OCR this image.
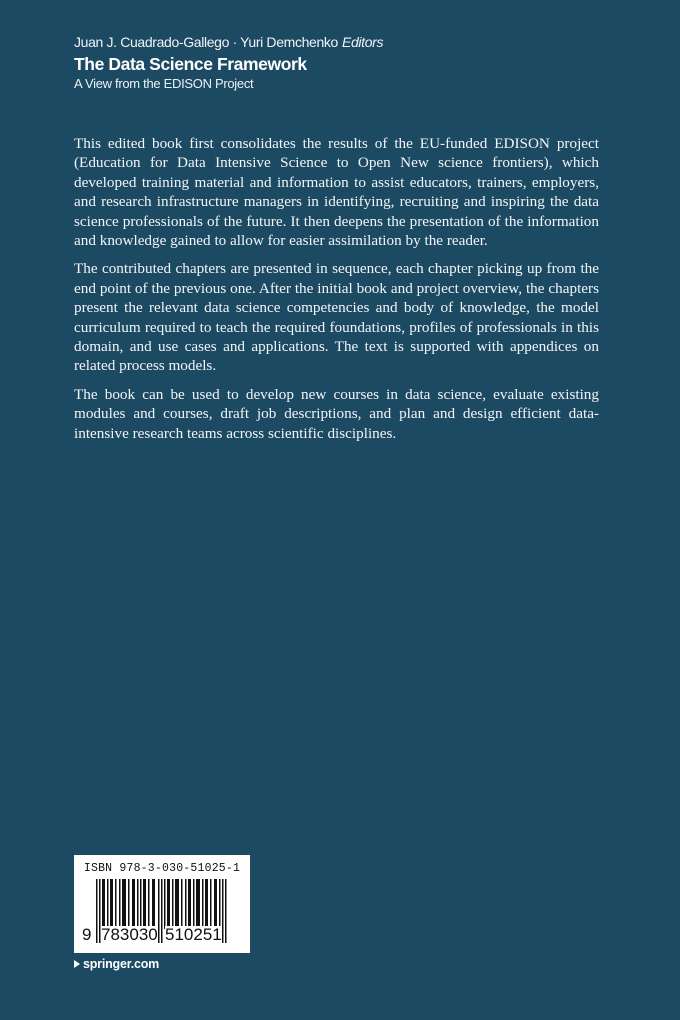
Juan J. Cuadrado-Gallego · Yuri Demchenko Editors
The Data Science Framework
A View from the EDISON Project

This edited book first consolidates the results of the EU-funded EDISON project (Education for Data Intensive Science to Open New science frontiers), which developed training material and information to assist educators, trainers, employers, and research infrastructure managers in identifying, recruiting and inspiring the data science professionals of the future. It then deepens the presentation of the information and knowledge gained to allow for easier assimilation by the reader.

The contributed chapters are presented in sequence, each chapter picking up from the end point of the previous one. After the initial book and project overview, the chapters present the relevant data science competencies and body of knowledge, the model curriculum required to teach the required foundations, profiles of professionals in this domain, and use cases and applications. The text is supported with appendices on related process models.

The book can be used to develop new courses in data science, evaluate existing modules and courses, draft job descriptions, and plan and design efficient data-intensive research teams across scientific disciplines.

ISBN 978-3-030-51025-1
9 783030 510251
springer.com
